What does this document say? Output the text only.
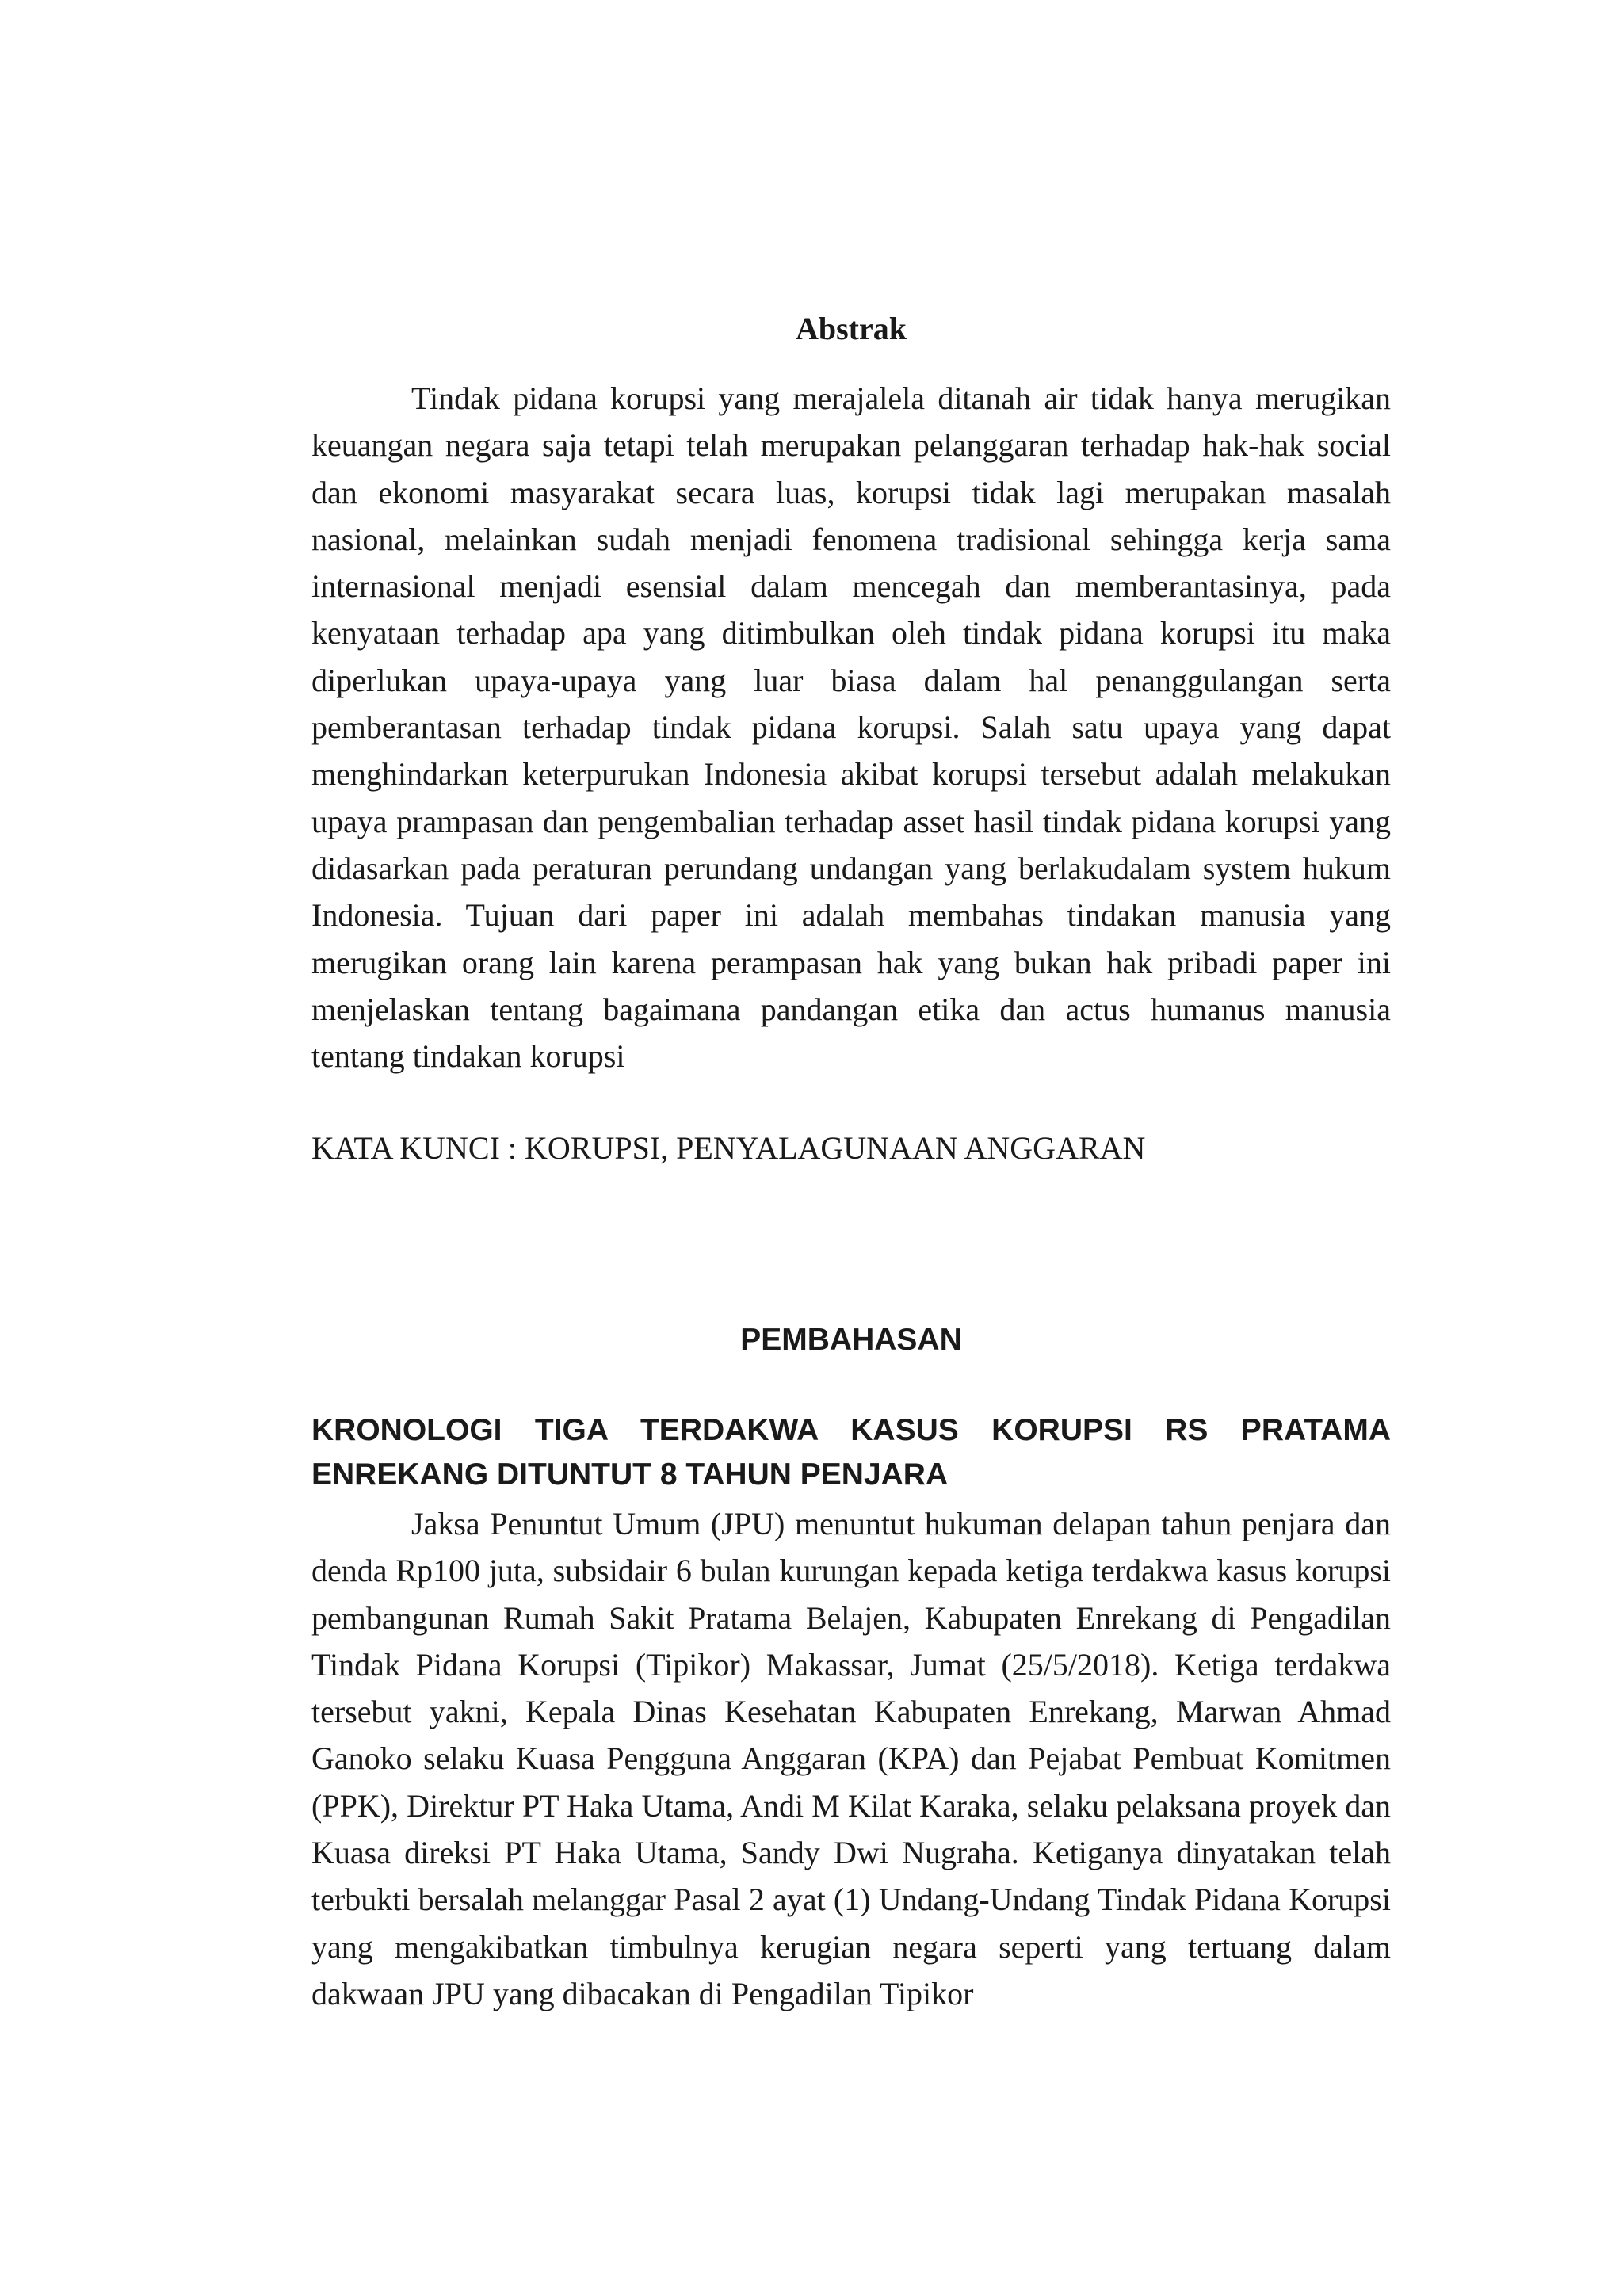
Abstrak

Tindak pidana korupsi yang merajalela ditanah air tidak hanya merugikan keuangan negara saja tetapi telah merupakan pelanggaran terhadap hak-hak social dan ekonomi masyarakat secara luas, korupsi tidak lagi merupakan masalah nasional, melainkan sudah menjadi fenomena tradisional sehingga kerja sama internasional menjadi esensial dalam mencegah dan memberantasinya, pada kenyataan terhadap apa yang ditimbulkan oleh tindak pidana korupsi itu maka diperlukan upaya-upaya yang luar biasa dalam hal penanggulangan serta pemberantasan terhadap tindak pidana korupsi. Salah satu upaya yang dapat menghindarkan keterpurukan Indonesia akibat korupsi tersebut adalah melakukan upaya prampasan dan pengembalian terhadap asset hasil tindak pidana korupsi yang didasarkan pada peraturan perundang undangan yang berlakudalam system hukum Indonesia. Tujuan dari paper ini adalah membahas tindakan manusia yang merugikan orang lain karena perampasan hak yang bukan hak pribadi paper ini menjelaskan tentang bagaimana pandangan etika dan actus humanus manusia tentang tindakan korupsi

KATA KUNCI : KORUPSI, PENYALAGUNAAN ANGGARAN

PEMBAHASAN
KRONOLOGI TIGA TERDAKWA KASUS KORUPSI RS PRATAMA ENREKANG DITUNTUT 8 TAHUN PENJARA

Jaksa Penuntut Umum (JPU) menuntut hukuman delapan tahun penjara dan denda Rp100 juta, subsidair 6 bulan kurungan kepada ketiga terdakwa kasus korupsi pembangunan Rumah Sakit Pratama Belajen, Kabupaten Enrekang di Pengadilan Tindak Pidana Korupsi (Tipikor) Makassar, Jumat (25/5/2018). Ketiga terdakwa tersebut yakni, Kepala Dinas Kesehatan Kabupaten Enrekang, Marwan Ahmad Ganoko selaku Kuasa Pengguna Anggaran (KPA) dan Pejabat Pembuat Komitmen (PPK), Direktur PT Haka Utama, Andi M Kilat Karaka, selaku pelaksana proyek dan Kuasa direksi PT Haka Utama, Sandy Dwi Nugraha. Ketiganya dinyatakan telah terbukti bersalah melanggar Pasal 2 ayat (1) Undang-Undang Tindak Pidana Korupsi yang mengakibatkan timbulnya kerugian negara seperti yang tertuang dalam dakwaan JPU yang dibacakan di Pengadilan Tipikor
